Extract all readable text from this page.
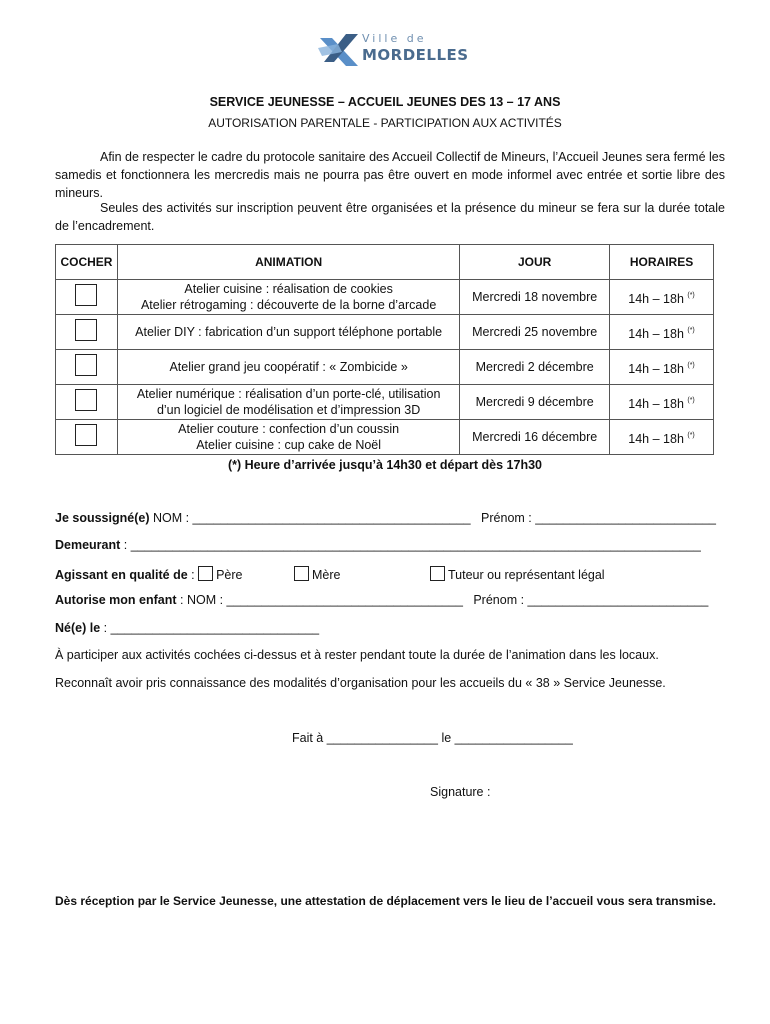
Ville de
MORDELLES
SERVICE JEUNESSE – ACCUEIL JEUNES DES 13 – 17 ANS
AUTORISATION PARENTALE - PARTICIPATION AUX ACTIVITÉS
Afin de respecter le cadre du protocole sanitaire des Accueil Collectif de Mineurs, l’Accueil Jeunes sera fermé les samedis et fonctionnera les mercredis mais ne pourra pas être ouvert en mode informel avec entrée et sortie libre des mineurs.
Seules des activités sur inscription peuvent être organisées et la présence du mineur se fera sur la durée totale de l’encadrement.
COCHER	ANIMATION	JOUR	HORAIRES

	Atelier cuisine : réalisation de cookies
Atelier rétrogaming : découverte de la borne d’arcade	Mercredi 18 novembre	14h – 18h (*)

	Atelier DIY : fabrication d’un support téléphone portable	Mercredi 25 novembre	14h – 18h (*)

	Atelier grand jeu coopératif : « Zombicide »	Mercredi 2 décembre	14h – 18h (*)

	Atelier numérique : réalisation d’un porte-clé, utilisation
d’un logiciel de modélisation et d’impression 3D	Mercredi 9 décembre	14h – 18h (*)

	Atelier couture : confection d’un coussin
Atelier cuisine : cup cake de Noël	Mercredi 16 décembre	14h – 18h (*)
(*) Heure d’arrivée jusqu’à 14h30 et départ dès 17h30
Je soussigné(e) NOM : ________________________________________   Prénom : __________________________
Demeurant : __________________________________________________________________________________
Agissant en qualité de : Père	Mère	Tuteur ou représentant légal
Autorise mon enfant : NOM : __________________________________   Prénom : __________________________
Né(e) le : ______________________________
À participer aux activités cochées ci-dessus et à rester pendant toute la durée de l’animation dans les locaux.
Reconnaît avoir pris connaissance des modalités d’organisation pour les accueils du « 38 » Service Jeunesse.
Fait à ________________ le _________________
Signature :
Dès réception par le Service Jeunesse, une attestation de déplacement vers le lieu de l’accueil vous sera transmise.
